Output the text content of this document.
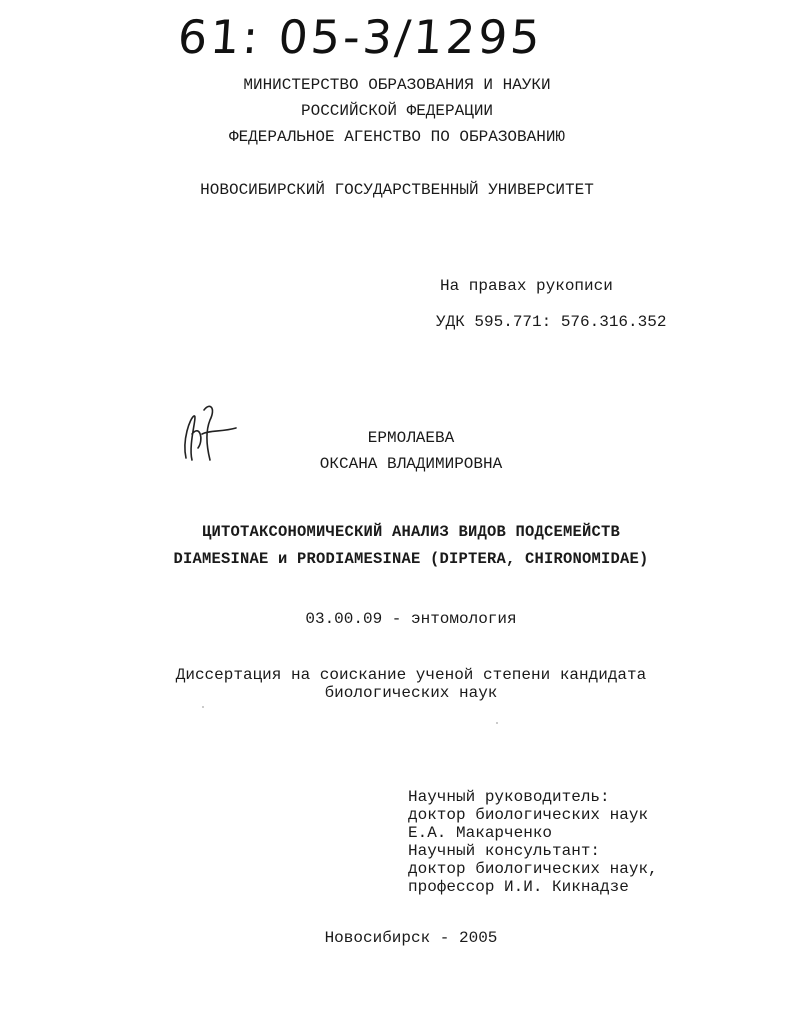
61: 05-3/1295
МИНИСТЕРСТВО ОБРАЗОВАНИЯ И НАУКИ
РОССИЙСКОЙ ФЕДЕРАЦИИ
ФЕДЕРАЛЬНОЕ АГЕНСТВО ПО ОБРАЗОВАНИЮ
НОВОСИБИРСКИЙ ГОСУДАРСТВЕННЫЙ УНИВЕРСИТЕТ
На правах рукописи
УДК 595.771: 576.316.352
ЕРМОЛАЕВА
ОКСАНА ВЛАДИМИРОВНА
ЦИТОТАКСОНОМИЧЕСКИЙ АНАЛИЗ ВИДОВ ПОДСЕМЕЙСТВ
DIAMESINAE и PRODIAMESINAE (DIPTERA, CHIRONOMIDAE)
03.00.09 - энтомология
Диссертация на соискание ученой степени кандидата
биологических наук
Научный руководитель:
доктор биологических наук
Е.А. Макарченко
Научный консультант:
доктор биологических наук,
профессор И.И. Кикнадзе
Новосибирск - 2005
